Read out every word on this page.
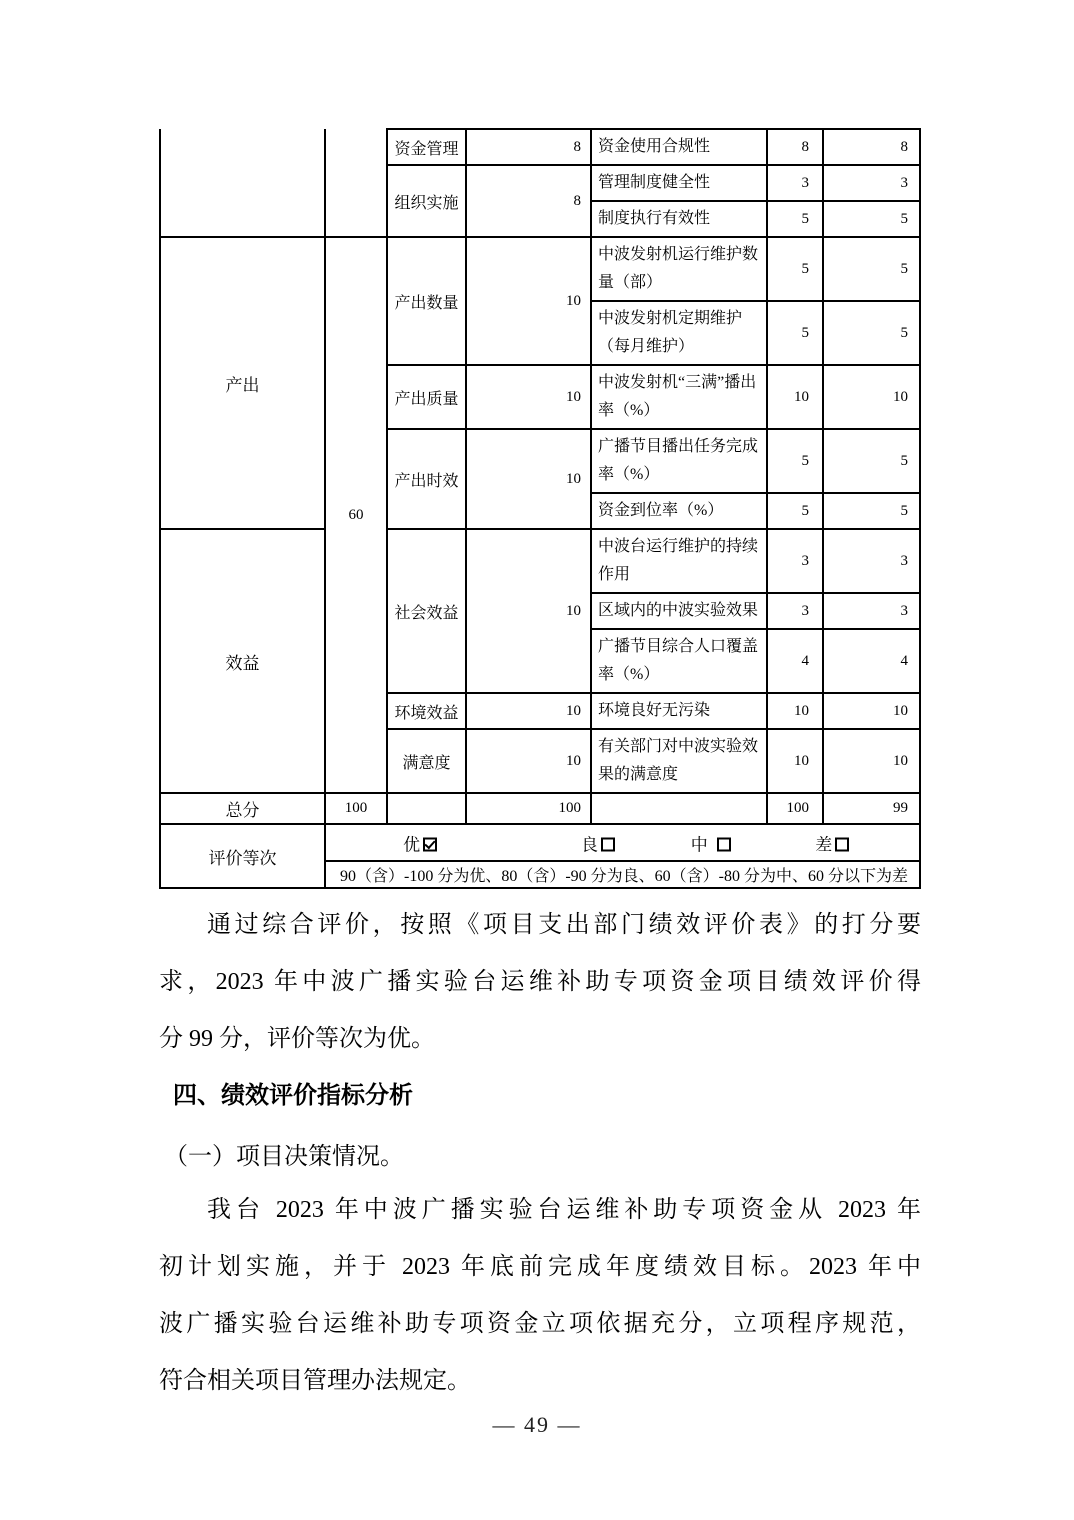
		资金管理	8	资金使用合规性	8	8
		组织实施	8	管理制度健全性	3	3
				制度执行有效性	5	5
产出	60	产出数量	10	中波发射机运行维护数量（部）	5	5
				中波发射机定期维护（每月维护）	5	5
		产出质量	10	中波发射机“三满”播出率（%）	10	10
		产出时效	10	广播节目播出任务完成率（%）	5	5
				资金到位率（%）	5	5
效益		社会效益	10	中波台运行维护的持续作用	3	3
				区域内的中波实验效果	3	3
				广播节目综合人口覆盖率（%）	4	4
		环境效益	10	环境良好无污染	10	10
		满意度	10	有关部门对中波实验效果的满意度	10	10
总分	100		100		100	99
评价等次	优 良 中 差					

	90（含）-100 分为优、80（含）-90 分为良、60（含）-80 分为中、60 分以下为差					
通过综合评价，按照《项目支出部门绩效评价表》的打分要
求，2023 年中波广播实验台运维补助专项资金项目绩效评价得
分 99 分，评价等次为优。
四、绩效评价指标分析
（一）项目决策情况。
我台 2023 年中波广播实验台运维补助专项资金从 2023 年
初计划实施，并于 2023 年底前完成年度绩效目标。2023 年中
波广播实验台运维补助专项资金立项依据充分，立项程序规范，
符合相关项目管理办法规定。
— 49 —
